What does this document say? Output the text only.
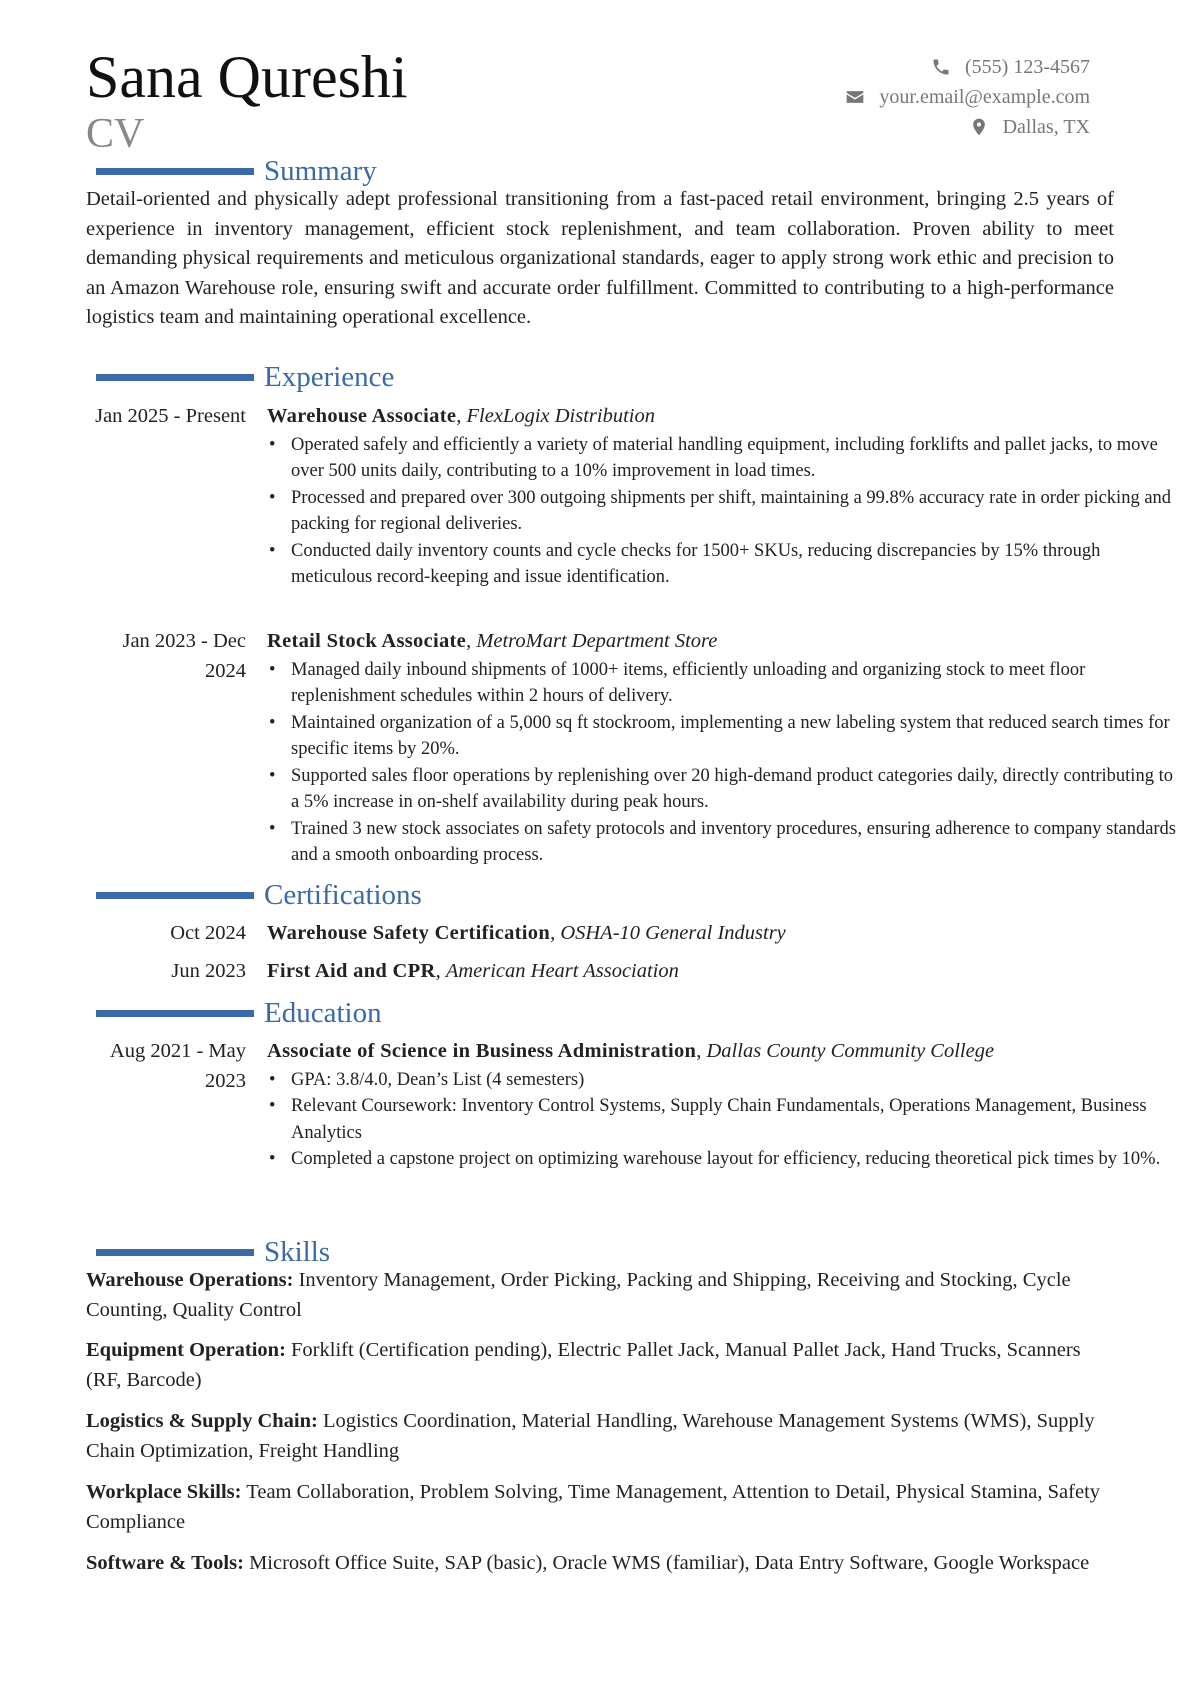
Sana Qureshi
CV
(555) 123-4567
your.email@example.com
Dallas, TX
Summary
Detail-oriented and physically adept professional transitioning from a fast-paced retail environment, bringing 2.5 years of experience in inventory management, efficient stock replenishment, and team collaboration. Proven ability to meet demanding physical requirements and meticulous organizational standards, eager to apply strong work ethic and precision to an Amazon Warehouse role, ensuring swift and accurate order fulfillment. Committed to contributing to a high-performance logistics team and maintaining operational excellence.
Experience
Jan 2025 - Present Warehouse Associate, FlexLogix Distribution
• Operated safely and efficiently a variety of material handling equipment, including forklifts and pallet jacks, to move over 500 units daily, contributing to a 10% improvement in load times.
• Processed and prepared over 300 outgoing shipments per shift, maintaining a 99.8% accuracy rate in order picking and packing for regional deliveries.
• Conducted daily inventory counts and cycle checks for 1500+ SKUs, reducing discrepancies by 15% through meticulous record-keeping and issue identification.
Jan 2023 - Dec 2024
Retail Stock Associate, MetroMart Department Store
• Managed daily inbound shipments of 1000+ items, efficiently unloading and organizing stock to meet floor replenishment schedules within 2 hours of delivery.
• Maintained organization of a 5,000 sq ft stockroom, implementing a new labeling system that reduced search times for specific items by 20%.
• Supported sales floor operations by replenishing over 20 high-demand product categories daily, directly contributing to a 5% increase in on-shelf availability during peak hours.
• Trained 3 new stock associates on safety protocols and inventory procedures, ensuring adherence to company standards and a smooth onboarding process.
Certifications
Oct 2024 Warehouse Safety Certification, OSHA-10 General Industry
Jun 2023 First Aid and CPR, American Heart Association
Education
Aug 2021 - May 2023
Associate of Science in Business Administration, Dallas County Community College
• GPA: 3.8/4.0, Dean’s List (4 semesters)
• Relevant Coursework: Inventory Control Systems, Supply Chain Fundamentals, Operations Management, Business Analytics
• Completed a capstone project on optimizing warehouse layout for efficiency, reducing theoretical pick times by 10%.
Skills
Warehouse Operations: Inventory Management, Order Picking, Packing and Shipping, Receiving and Stocking, Cycle Counting, Quality Control
Equipment Operation: Forklift (Certification pending), Electric Pallet Jack, Manual Pallet Jack, Hand Trucks, Scanners (RF, Barcode)
Logistics & Supply Chain: Logistics Coordination, Material Handling, Warehouse Management Systems (WMS), Supply Chain Optimization, Freight Handling
Workplace Skills: Team Collaboration, Problem Solving, Time Management, Attention to Detail, Physical Stamina, Safety Compliance
Software & Tools: Microsoft Office Suite, SAP (basic), Oracle WMS (familiar), Data Entry Software, Google Workspace
